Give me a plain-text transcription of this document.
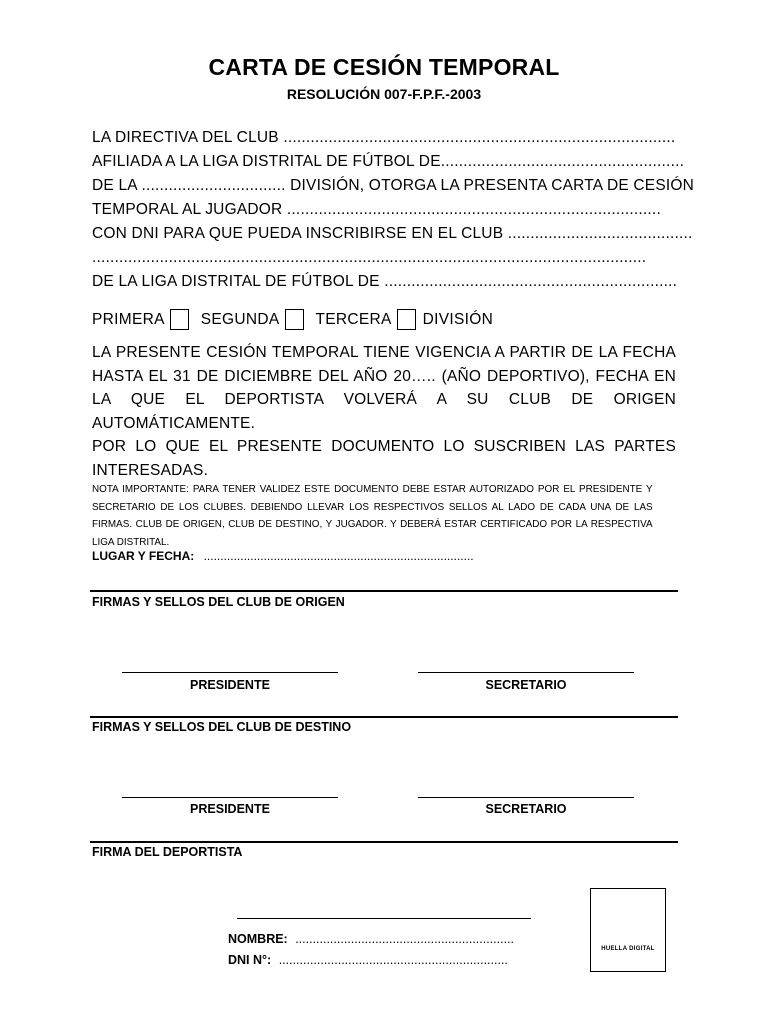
CARTA DE CESIÓN TEMPORAL
RESOLUCIÓN 007-F.P.F.-2003
LA DIRECTIVA DEL CLUB .......................................................................................
AFILIADA A LA LIGA DISTRITAL DE FÚTBOL DE......................................................
DE LA ................................ DIVISIÓN, OTORGA LA PRESENTA CARTA DE CESIÓN
TEMPORAL AL JUGADOR ...................................................................................
CON DNI PARA QUE PUEDA INSCRIBIRSE EN EL CLUB .........................................
...........................................................................................................................
DE LA LIGA DISTRITAL DE FÚTBOL DE .................................................................
PRIMERA SEGUNDA TERCERA DIVISIÓN

LA PRESENTE CESIÓN TEMPORAL TIENE VIGENCIA A PARTIR DE LA FECHA HASTA EL 31 DE DICIEMBRE DEL AÑO 20….. (AÑO DEPORTIVO), FECHA EN LA QUE EL DEPORTISTA VOLVERÁ A SU CLUB DE ORIGEN AUTOMÁTICAMENTE.

POR LO QUE EL PRESENTE DOCUMENTO LO SUSCRIBEN LAS PARTES INTERESADAS.

NOTA IMPORTANTE: PARA TENER VALIDEZ ESTE DOCUMENTO DEBE ESTAR AUTORIZADO POR EL PRESIDENTE Y SECRETARIO DE LOS CLUBES. DEBIENDO LLEVAR LOS RESPECTIVOS SELLOS AL LADO DE CADA UNA DE LAS FIRMAS. CLUB DE ORIGEN, CLUB DE DESTINO, Y JUGADOR. Y DEBERÁ ESTAR CERTIFICADO POR LA RESPECTIVA LIGA DISTRITAL.
LUGAR Y FECHA: .................................................................................
FIRMAS Y SELLOS DEL CLUB DE ORIGEN
PRESIDENTE	SECRETARIO
FIRMAS Y SELLOS DEL CLUB DE DESTINO
PRESIDENTE	SECRETARIO
FIRMA DEL DEPORTISTA
NOMBRE: ...............................................................
DNI N°: ..................................................................
HUELLA DIGITAL
